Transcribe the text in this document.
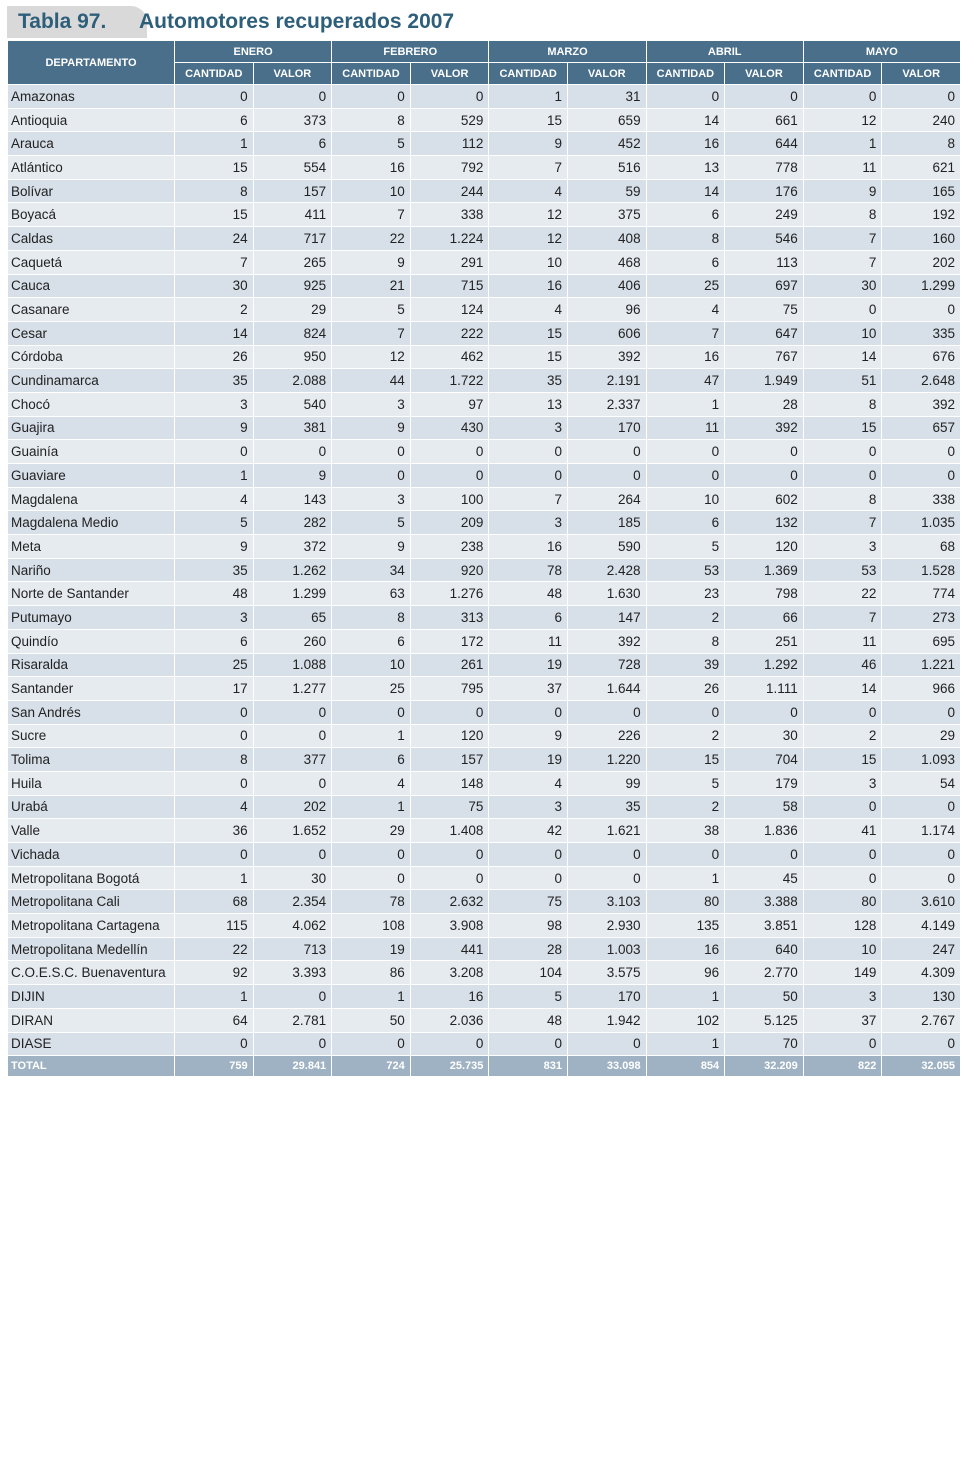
Tabla 97.	Automotores recuperados 2007
DEPARTAMENTO	ENERO		FEBRERO		MARZO		ABRIL		MAYO	
	CANTIDAD	VALOR	CANTIDAD	VALOR	CANTIDAD	VALOR	CANTIDAD	VALOR	CANTIDAD	VALOR
Amazonas	0	0	0	0	1	31	0	0	0	0
Antioquia	6	373	8	529	15	659	14	661	12	240
Arauca	1	6	5	112	9	452	16	644	1	8
Atlántico	15	554	16	792	7	516	13	778	11	621
Bolívar	8	157	10	244	4	59	14	176	9	165
Boyacá	15	411	7	338	12	375	6	249	8	192
Caldas	24	717	22	1.224	12	408	8	546	7	160
Caquetá	7	265	9	291	10	468	6	113	7	202
Cauca	30	925	21	715	16	406	25	697	30	1.299
Casanare	2	29	5	124	4	96	4	75	0	0
Cesar	14	824	7	222	15	606	7	647	10	335
Córdoba	26	950	12	462	15	392	16	767	14	676
Cundinamarca	35	2.088	44	1.722	35	2.191	47	1.949	51	2.648
Chocó	3	540	3	97	13	2.337	1	28	8	392
Guajira	9	381	9	430	3	170	11	392	15	657
Guainía	0	0	0	0	0	0	0	0	0	0
Guaviare	1	9	0	0	0	0	0	0	0	0
Magdalena	4	143	3	100	7	264	10	602	8	338
Magdalena Medio	5	282	5	209	3	185	6	132	7	1.035
Meta	9	372	9	238	16	590	5	120	3	68
Nariño	35	1.262	34	920	78	2.428	53	1.369	53	1.528
Norte de Santander	48	1.299	63	1.276	48	1.630	23	798	22	774
Putumayo	3	65	8	313	6	147	2	66	7	273
Quindío	6	260	6	172	11	392	8	251	11	695
Risaralda	25	1.088	10	261	19	728	39	1.292	46	1.221
Santander	17	1.277	25	795	37	1.644	26	1.111	14	966
San Andrés	0	0	0	0	0	0	0	0	0	0
Sucre	0	0	1	120	9	226	2	30	2	29
Tolima	8	377	6	157	19	1.220	15	704	15	1.093
Huila	0	0	4	148	4	99	5	179	3	54
Urabá	4	202	1	75	3	35	2	58	0	0
Valle	36	1.652	29	1.408	42	1.621	38	1.836	41	1.174
Vichada	0	0	0	0	0	0	0	0	0	0
Metropolitana Bogotá	1	30	0	0	0	0	1	45	0	0
Metropolitana Cali	68	2.354	78	2.632	75	3.103	80	3.388	80	3.610
Metropolitana Cartagena	115	4.062	108	3.908	98	2.930	135	3.851	128	4.149
Metropolitana Medellín	22	713	19	441	28	1.003	16	640	10	247
C.O.E.S.C. Buenaventura	92	3.393	86	3.208	104	3.575	96	2.770	149	4.309
DIJIN	1	0	1	16	5	170	1	50	3	130
DIRAN	64	2.781	50	2.036	48	1.942	102	5.125	37	2.767
DIASE	0	0	0	0	0	0	1	70	0	0
TOTAL	759	29.841	724	25.735	831	33.098	854	32.209	822	32.055
